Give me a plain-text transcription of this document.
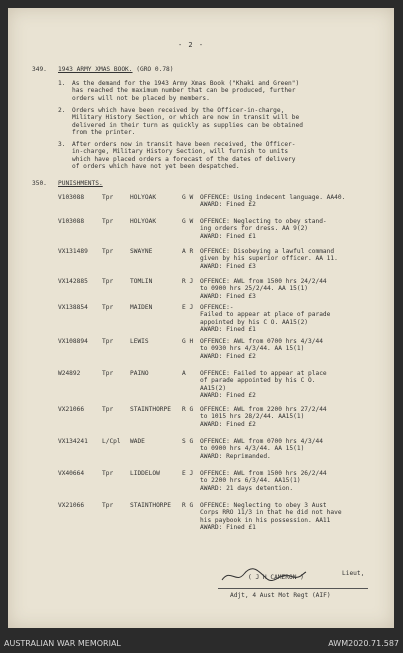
- 2 -
349. 1943 ARMY XMAS BOOK. (GRO 0.78)
1. As the demand for the 1943 Army Xmas Book ("Khaki and Green")
has reached the maximum number that can be produced, further
orders will not be placed by members.
2. Orders which have been received by the Officer-in-charge,
Military History Section, or which are now in transit will be
delivered in their turn as quickly as supplies can be obtained
from the printer.
3. After orders now in transit have been received, the Officer-
in-charge, Military History Section, will furnish to units
which have placed orders a forecast of the dates of delivery
of orders which have not yet been despatched.
350. PUNISHMENTS.
V103088	Tpr	HOLYOAK	G W OFFENCE: Using indecent language. AA40.
AWARD: Fined £2
V103088	Tpr	HOLYOAK	G W OFFENCE: Neglecting to obey stand-
ing orders for dress. AA 9(2)
AWARD: Fined £1
VX131489 Tpr	SWAYNE	A R OFFENCE: Disobeying a lawful command
given by his superior officer. AA 11.
AWARD: Fined £3
VX142885 Tpr	TOMLIN	R J OFFENCE: AWL from 1500 hrs 24/2/44
to 0900 hrs 25/2/44. AA 15(1)
AWARD: Fined £3
VX138854 Tpr	MAIDEN	E J OFFENCE:-
Failed to appear at place of parade
appointed by his C O. AA15(2)
AWARD: Fined £1
VX108894 Tpr	LEWIS	G H OFFENCE: AWL from 0700 hrs 4/3/44
to 0930 hrs 4/3/44. AA 15(1)
AWARD: Fined £2
W24892	Tpr	PAINO	A OFFENCE: Failed to appear at place
of parade appointed by his C O.
AA15(2)
AWARD: Fined £2
VX21066	Tpr	STAINTHORPE R G OFFENCE: AWL from 2200 hrs 27/2/44
to 1015 hrs 28/2/44. AA15(1)
AWARD: Fined £2
VX134241 L/Cpl WADE	S G OFFENCE: AWL from 0700 hrs 4/3/44
to 0900 hrs 4/3/44. AA 15(1)
AWARD: Reprimanded.
VX40664	Tpr	LIDDELOW	E J OFFENCE: AWL from 1500 hrs 26/2/44
to 2200 hrs 6/3/44. AA15(1)
AWARD: 21 days detention.
VX21066	Tpr	STAINTHORPE R G OFFENCE: Neglecting to obey 3 Aust
Corps RRO 11/3 in that he did not have
his paybook in his possession. AA11
AWARD: Fined £1
( J H CAMERON )
Lieut,
Adjt, 4 Aust Mot Regt (AIF)
AUSTRALIAN WAR MEMORIAL	AWM2020.71.587
